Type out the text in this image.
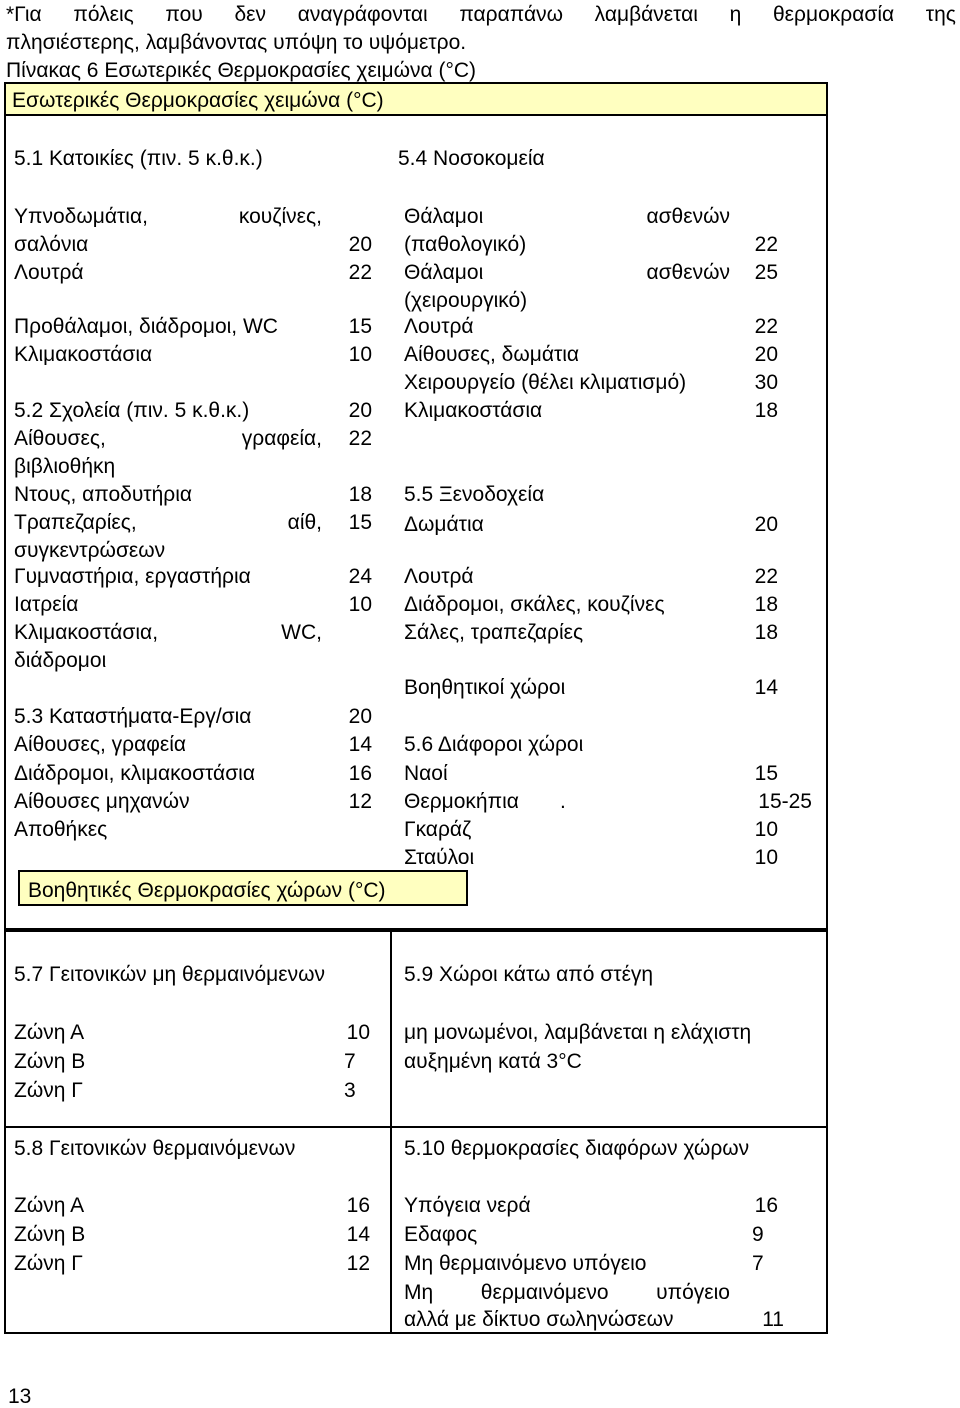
*Για πόλεις που δεν αναγράφονται παραπάνω λαμβάνεται η θερμοκρασία της
πλησιέστερης, λαμβάνοντας υπόψη το υψόμετρο.
Πίνακας 6 Εσωτερικές Θερμοκρασίες χειμώνα (°C)
Εσωτερικές Θερμοκρασίες χειμώνα (°C)
Βοηθητικές Θερμοκρασίες χώρων (°C)
5.1 Κατοικίες (πιν. 5 κ.θ.κ.)
Υπνοδωμάτια,	κουζίνες,
σαλόνια	20
Λουτρά	22
Προθάλαμοι, διάδρομοι, WC	15
Κλιμακοστάσια	10
5.2 Σχολεία (πιν. 5 κ.θ.κ.)	20
Αίθουσες,	γραφεία,	22
βιβλιοθήκη
Ντους, αποδυτήρια	18
Τραπεζαρίες,	αίθ,	15
συγκεντρώσεων
Γυμναστήρια, εργαστήρια	24
Ιατρεία	10
Κλιμακοστάσια,	WC,
διάδρομοι
5.3 Καταστήματα-Εργ/σια	20
Αίθουσες, γραφεία	14
Διάδρομοι, κλιμακοστάσια	16
Αίθουσες μηχανών	12
Αποθήκες
5.4 Νοσοκομεία
Θάλαμοι	ασθενών
(παθολογικό)	22
Θάλαμοι	ασθενών	25
(χειρουργικό)
Λουτρά	22
Αίθουσες, δωμάτια	20
Χειρουργείο (θέλει κλιματισμό)	30
Κλιμακοστάσια	18
5.5 Ξενοδοχεία
Δωμάτια	20
Λουτρά	22
Διάδρομοι, σκάλες, κουζίνες	18
Σάλες, τραπεζαρίες	18
Βοηθητικοί χώροι	14
5.6 Διάφοροι χώροι
Ναοί	15
Θερμοκήπια .	15-25
Γκαράζ	10
Σταύλοι	10
5.7 Γειτονικών μη θερμαινόμενων
Ζώνη Α	10
Ζώνη Β	7
Ζώνη Γ	3
5.8 Γειτονικών θερμαινόμενων
Ζώνη Α	16
Ζώνη Β	14
Ζώνη Γ	12
5.9 Χώροι κάτω από στέγη
μη μονωμένοι, λαμβάνεται η ελάχιστη
αυξημένη κατά 3°C
5.10 θερμοκρασίες διαφόρων χώρων
Υπόγεια νερά	16
Εδαφος	9
Μη θερμαινόμενο υπόγειο	7
Μη θερμαινόμενο υπόγειο
αλλά με δίκτυο σωληνώσεων	11
13
